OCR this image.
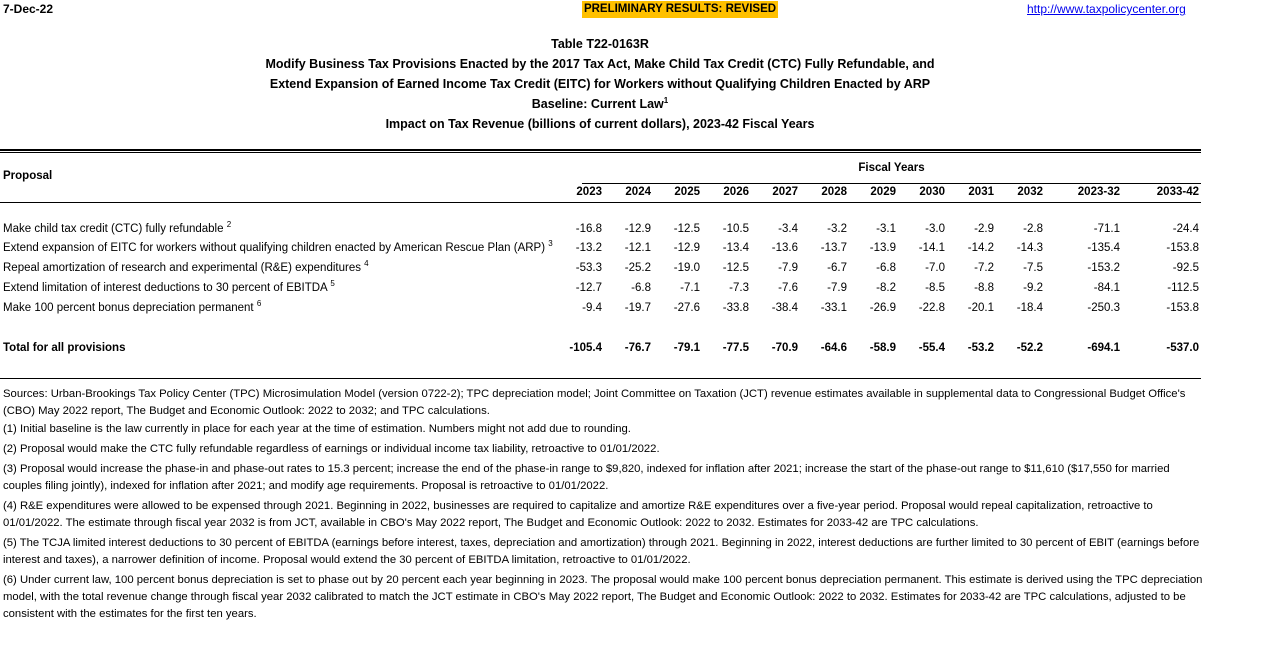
7-Dec-22	PRELIMINARY RESULTS: REVISED	http://www.taxpolicycenter.org
Table T22-0163R
Modify Business Tax Provisions Enacted by the 2017 Tax Act, Make Child Tax Credit (CTC) Fully Refundable, and
Extend Expansion of Earned Income Tax Credit (EITC) for Workers without Qualifying Children Enacted by ARP
Baseline: Current Law$^1$
Impact on Tax Revenue (billions of current dollars), 2023-42 Fiscal Years
Proposal
Fiscal Years
2023	2024	2025	2026	2027	2028	2029	2030	2031	2032	2023-32	2033-42
Make child tax credit (CTC) fully refundable $^2$	-16.8	-12.9	-12.5	-10.5	-3.4	-3.2	-3.1	-3.0	-2.9	-2.8	-71.1	-24.4
Extend expansion of EITC for workers without qualifying children enacted by American Rescue Plan (ARP) $^3$	-13.2	-12.1	-12.9	-13.4	-13.6	-13.7	-13.9	-14.1	-14.2	-14.3	-135.4	-153.8
Repeal amortization of research and experimental (R&E) expenditures $^4$	-53.3	-25.2	-19.0	-12.5	-7.9	-6.7	-6.8	-7.0	-7.2	-7.5	-153.2	-92.5
Extend limitation of interest deductions to 30 percent of EBITDA $^5$	-12.7	-6.8	-7.1	-7.3	-7.6	-7.9	-8.2	-8.5	-8.8	-9.2	-84.1	-112.5
Make 100 percent bonus depreciation permanent $^6$	-9.4	-19.7	-27.6	-33.8	-38.4	-33.1	-26.9	-22.8	-20.1	-18.4	-250.3	-153.8
Total for all provisions	-105.4	-76.7	-79.1	-77.5	-70.9	-64.6	-58.9	-55.4	-53.2	-52.2	-694.1	-537.0
Sources: Urban-Brookings Tax Policy Center (TPC) Microsimulation Model (version 0722-2); TPC depreciation model; Joint Committee on Taxation (JCT) revenue estimates available in supplemental data to Congressional Budget Office's (CBO) May 2022 report, The Budget and Economic Outlook: 2022 to 2032; and TPC calculations.
(1) Initial baseline is the law currently in place for each year at the time of estimation. Numbers might not add due to rounding.
(2) Proposal would make the CTC fully refundable regardless of earnings or individual income tax liability, retroactive to 01/01/2022.
(3) Proposal would increase the phase-in and phase-out rates to 15.3 percent; increase the end of the phase-in range to $9,820, indexed for inflation after 2021; increase the start of the phase-out range to $11,610 ($17,550 for married couples filing jointly), indexed for inflation after 2021; and modify age requirements. Proposal is retroactive to 01/01/2022.
(4) R&E expenditures were allowed to be expensed through 2021. Beginning in 2022, businesses are required to capitalize and amortize R&E expenditures over a five-year period. Proposal would repeal capitalization, retroactive to 01/01/2022. The estimate through fiscal year 2032 is from JCT, available in CBO's May 2022 report, The Budget and Economic Outlook: 2022 to 2032. Estimates for 2033-42 are TPC calculations.
(5) The TCJA limited interest deductions to 30 percent of EBITDA (earnings before interest, taxes, depreciation and amortization) through 2021. Beginning in 2022, interest deductions are further limited to 30 percent of EBIT (earnings before interest and taxes), a narrower definition of income. Proposal would extend the 30 percent of EBITDA limitation, retroactive to 01/01/2022.
(6) Under current law, 100 percent bonus depreciation is set to phase out by 20 percent each year beginning in 2023. The proposal would make 100 percent bonus depreciation permanent. This estimate is derived using the TPC depreciation model, with the total revenue change through fiscal year 2032 calibrated to match the JCT estimate in CBO's May 2022 report, The Budget and Economic Outlook: 2022 to 2032. Estimates for 2033-42 are TPC calculations, adjusted to be consistent with the estimates for the first ten years.
